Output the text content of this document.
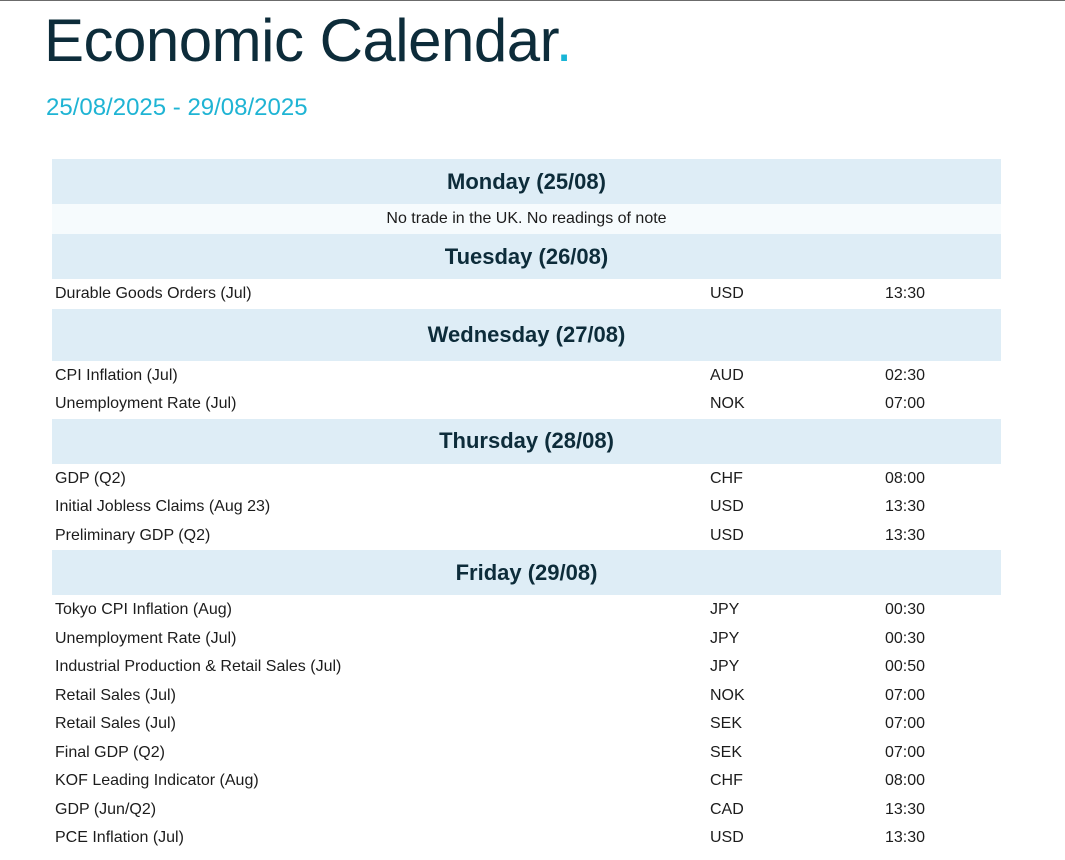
Economic Calendar.
25/08/2025 - 29/08/2025
Monday (25/08)
No trade in the UK. No readings of note
Tuesday (26/08)
Durable Goods Orders (Jul)	USD	13:30
Wednesday (27/08)
CPI Inflation (Jul)	AUD	02:30
Unemployment Rate (Jul)	NOK	07:00
Thursday (28/08)
GDP (Q2)	CHF	08:00
Initial Jobless Claims (Aug 23)	USD	13:30
Preliminary GDP (Q2)	USD	13:30
Friday (29/08)
Tokyo CPI Inflation (Aug)	JPY	00:30
Unemployment Rate (Jul)	JPY	00:30
Industrial Production & Retail Sales (Jul)	JPY	00:50
Retail Sales (Jul)	NOK	07:00
Retail Sales (Jul)	SEK	07:00
Final GDP (Q2)	SEK	07:00
KOF Leading Indicator (Aug)	CHF	08:00
GDP (Jun/Q2)	CAD	13:30
PCE Inflation (Jul)	USD	13:30
